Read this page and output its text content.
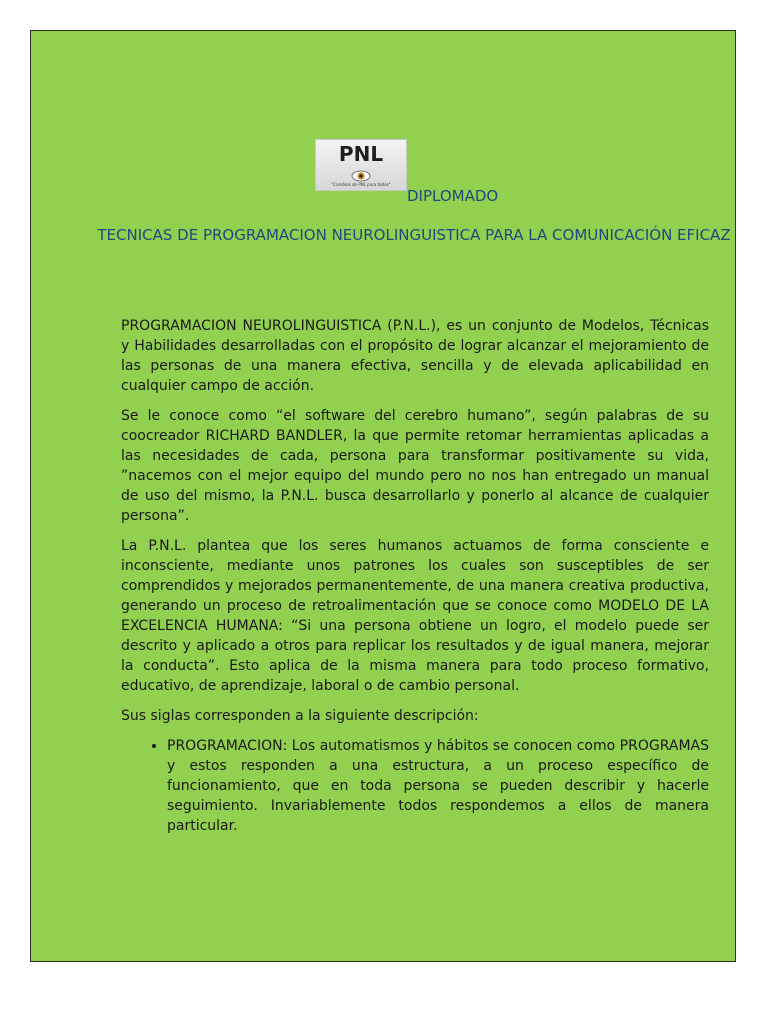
PNL
"Cambios de PNL para todos"
DIPLOMADO
TECNICAS DE PROGRAMACION NEUROLINGUISTICA PARA LA COMUNICACIÓN EFICAZ

PROGRAMACION NEUROLINGUISTICA (P.N.L.), es un conjunto de Modelos, Técnicas y Habilidades desarrolladas con el propósito de lograr alcanzar el mejoramiento de las personas de una manera efectiva, sencilla y de elevada aplicabilidad en cualquier campo de acción.

Se le conoce como “el software del cerebro humano”, según palabras de su coocreador RICHARD BANDLER, la que permite retomar herramientas aplicadas a las necesidades de cada, persona para transformar positivamente su vida, ”nacemos con el mejor equipo del mundo pero no nos han entregado un manual de uso del mismo, la P.N.L. busca desarrollarlo y ponerlo al alcance de cualquier persona”.

La P.N.L. plantea que los seres humanos actuamos de forma consciente e inconsciente, mediante unos patrones los cuales son susceptibles de ser comprendidos y mejorados permanentemente, de una manera creativa productiva, generando un proceso de retroalimentación que se conoce como MODELO DE LA EXCELENCIA HUMANA: “Si una persona obtiene un logro, el modelo puede ser descrito y aplicado a otros para replicar los resultados y de igual manera, mejorar la conducta”. Esto aplica de la misma manera para todo proceso formativo, educativo, de aprendizaje, laboral o de cambio personal.

Sus siglas corresponden a la siguiente descripción:

• PROGRAMACION: Los automatismos y hábitos se conocen como PROGRAMAS y estos responden a una estructura, a un proceso específico de funcionamiento, que en toda persona se pueden describir y hacerle seguimiento. Invariablemente todos respondemos a ellos de manera particular.
